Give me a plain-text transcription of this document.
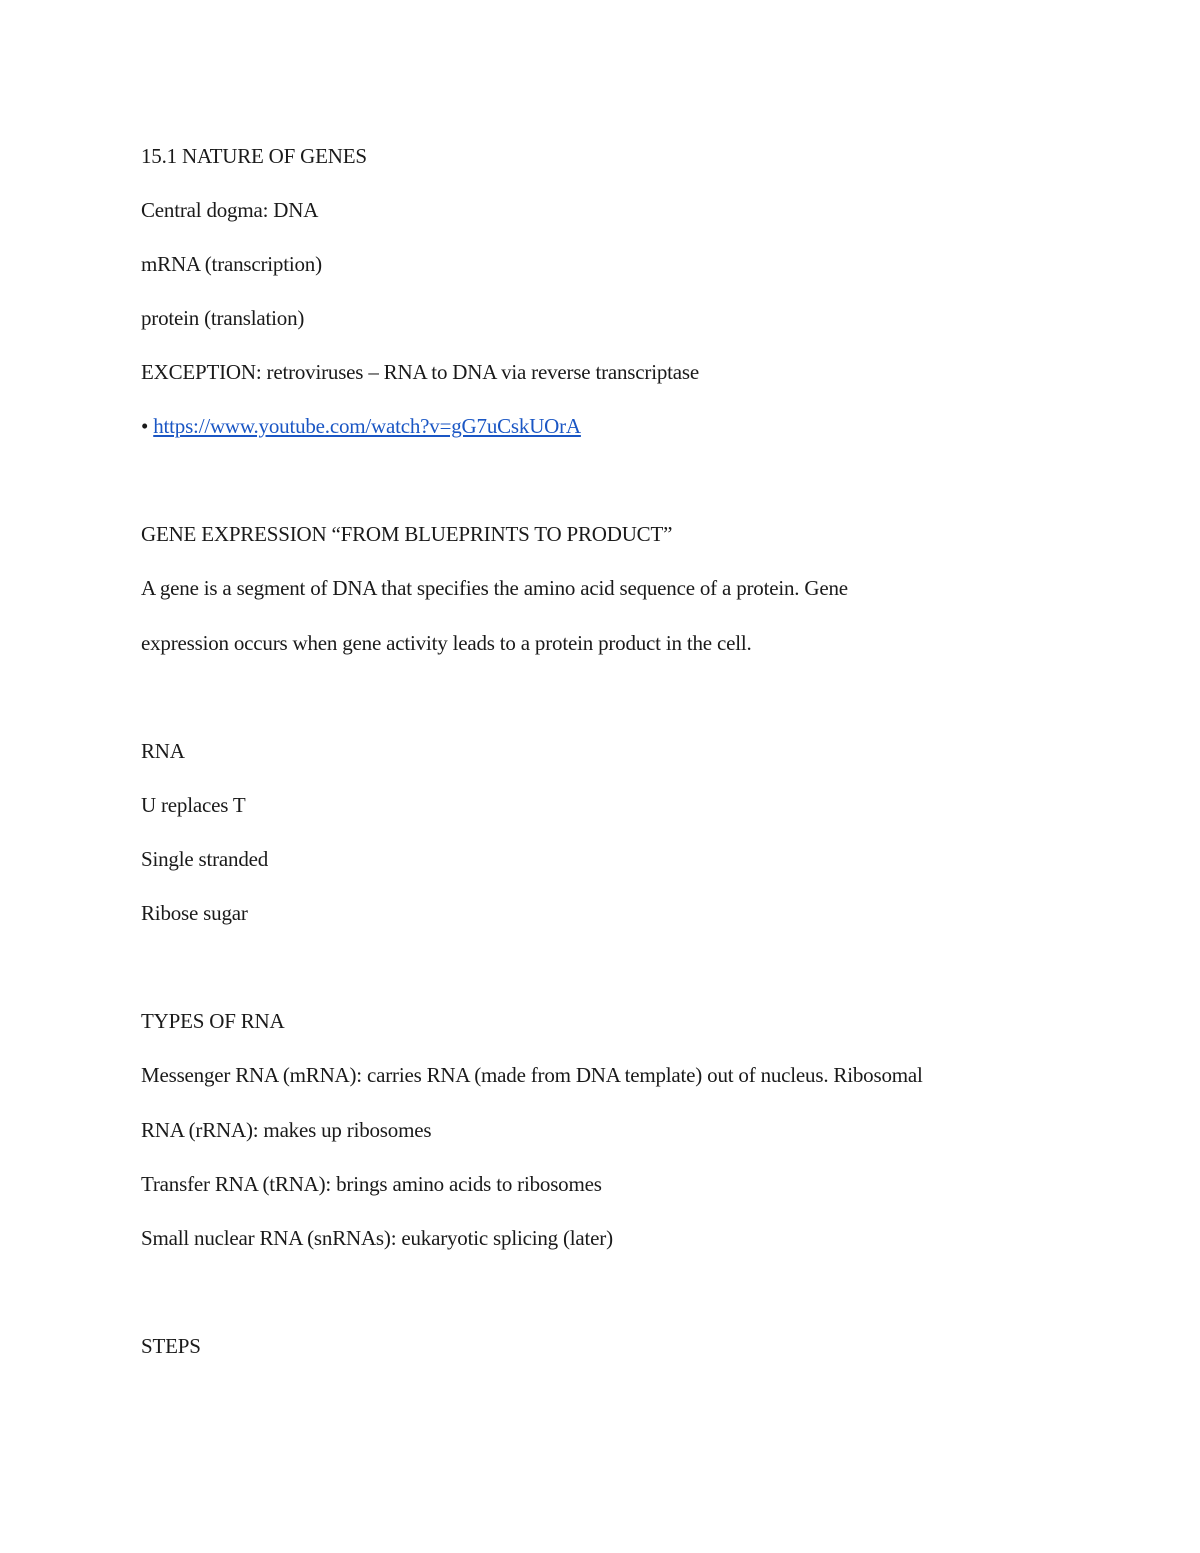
15.1 NATURE OF GENES
Central dogma: DNA
mRNA (transcription)
protein (translation)
EXCEPTION: retroviruses – RNA to DNA via reverse transcriptase
• https://www.youtube.com/watch?v=gG7uCskUOrA
GENE EXPRESSION “FROM BLUEPRINTS TO PRODUCT”
A gene is a segment of DNA that specifies the amino acid sequence of a protein. Gene
expression occurs when gene activity leads to a protein product in the cell.
RNA
U replaces T
Single stranded
Ribose sugar
TYPES OF RNA
Messenger RNA (mRNA): carries RNA (made from DNA template) out of nucleus. Ribosomal
RNA (rRNA): makes up ribosomes
Transfer RNA (tRNA): brings amino acids to ribosomes
Small nuclear RNA (snRNAs): eukaryotic splicing (later)
STEPS
